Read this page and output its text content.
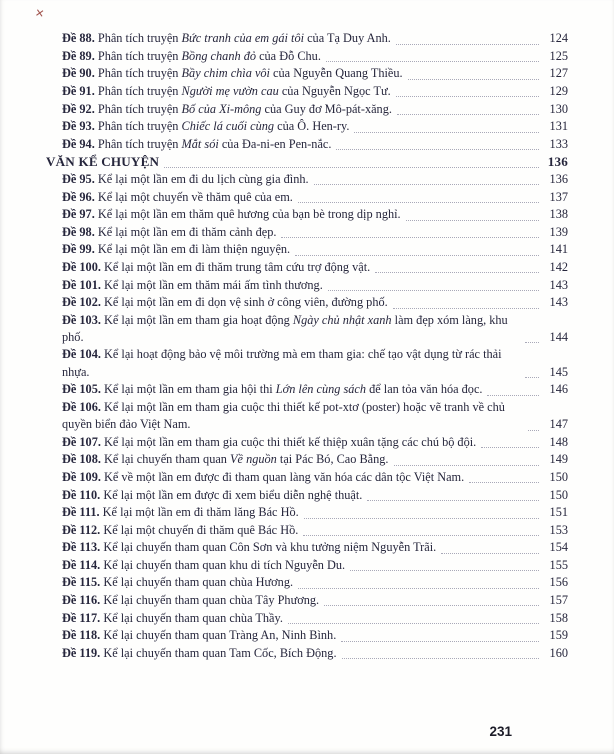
✕
Đề 88. Phân tích truyện Bức tranh của em gái tôi của Tạ Duy Anh.	124
Đề 89. Phân tích truyện Bồng chanh đỏ của Đỗ Chu.	125
Đề 90. Phân tích truyện Bầy chim chìa vôi của Nguyễn Quang Thiều.	127
Đề 91. Phân tích truyện Người mẹ vườn cau của Nguyễn Ngọc Tư.	129
Đề 92. Phân tích truyện Bố của Xi-mông của Guy đơ Mô-pát-xăng.	130
Đề 93. Phân tích truyện Chiếc lá cuối cùng của Ô. Hen-ry.	131
Đề 94. Phân tích truyện Mắt sói của Đa-ni-en Pen-nắc.	133
VĂN KỂ CHUYỆN	136
Đề 95. Kể lại một lần em đi du lịch cùng gia đình.	136
Đề 96. Kể lại một chuyến về thăm quê của em.	137
Đề 97. Kể lại một lần em thăm quê hương của bạn bè trong dịp nghỉ.	138
Đề 98. Kể lại một lần em đi thăm cảnh đẹp.	139
Đề 99. Kể lại một lần em đi làm thiện nguyện.	141
Đề 100. Kể lại một lần em đi thăm trung tâm cứu trợ động vật.	142
Đề 101. Kể lại một lần em thăm mái ấm tình thương.	143
Đề 102. Kể lại một lần em đi dọn vệ sinh ở công viên, đường phố.	143
Đề 103. Kể lại một lần em tham gia hoạt động Ngày chủ nhật xanh làm đẹp xóm làng, khu phố.	144
Đề 104. Kể lại hoạt động bảo vệ môi trường mà em tham gia: chế tạo vật dụng từ rác thải nhựa.	145
Đề 105. Kể lại một lần em tham gia hội thi Lớn lên cùng sách để lan tỏa văn hóa đọc.	146
Đề 106. Kể lại một lần em tham gia cuộc thi thiết kế pot-xtơ (poster) hoặc vẽ tranh về chủ quyền biển đảo Việt Nam.	147
Đề 107. Kể lại một lần em tham gia cuộc thi thiết kế thiệp xuân tặng các chú bộ đội.	148
Đề 108. Kể lại chuyến tham quan Về nguồn tại Pác Bó, Cao Bằng.	149
Đề 109. Kể về một lần em được đi tham quan làng văn hóa các dân tộc Việt Nam.	150
Đề 110. Kể lại một lần em được đi xem biểu diễn nghệ thuật.	150
Đề 111. Kể lại một lần em đi thăm lăng Bác Hồ.	151
Đề 112. Kể lại một chuyến đi thăm quê Bác Hồ.	153
Đề 113. Kể lại chuyến tham quan Côn Sơn và khu tưởng niệm Nguyễn Trãi.	154
Đề 114. Kể lại chuyến tham quan khu di tích Nguyễn Du.	155
Đề 115. Kể lại chuyến tham quan chùa Hương.	156
Đề 116. Kể lại chuyến tham quan chùa Tây Phương.	157
Đề 117. Kể lại chuyến tham quan chùa Thầy.	158
Đề 118. Kể lại chuyến tham quan Tràng An, Ninh Bình.	159
Đề 119. Kể lại chuyến tham quan Tam Cốc, Bích Động.	160
231
